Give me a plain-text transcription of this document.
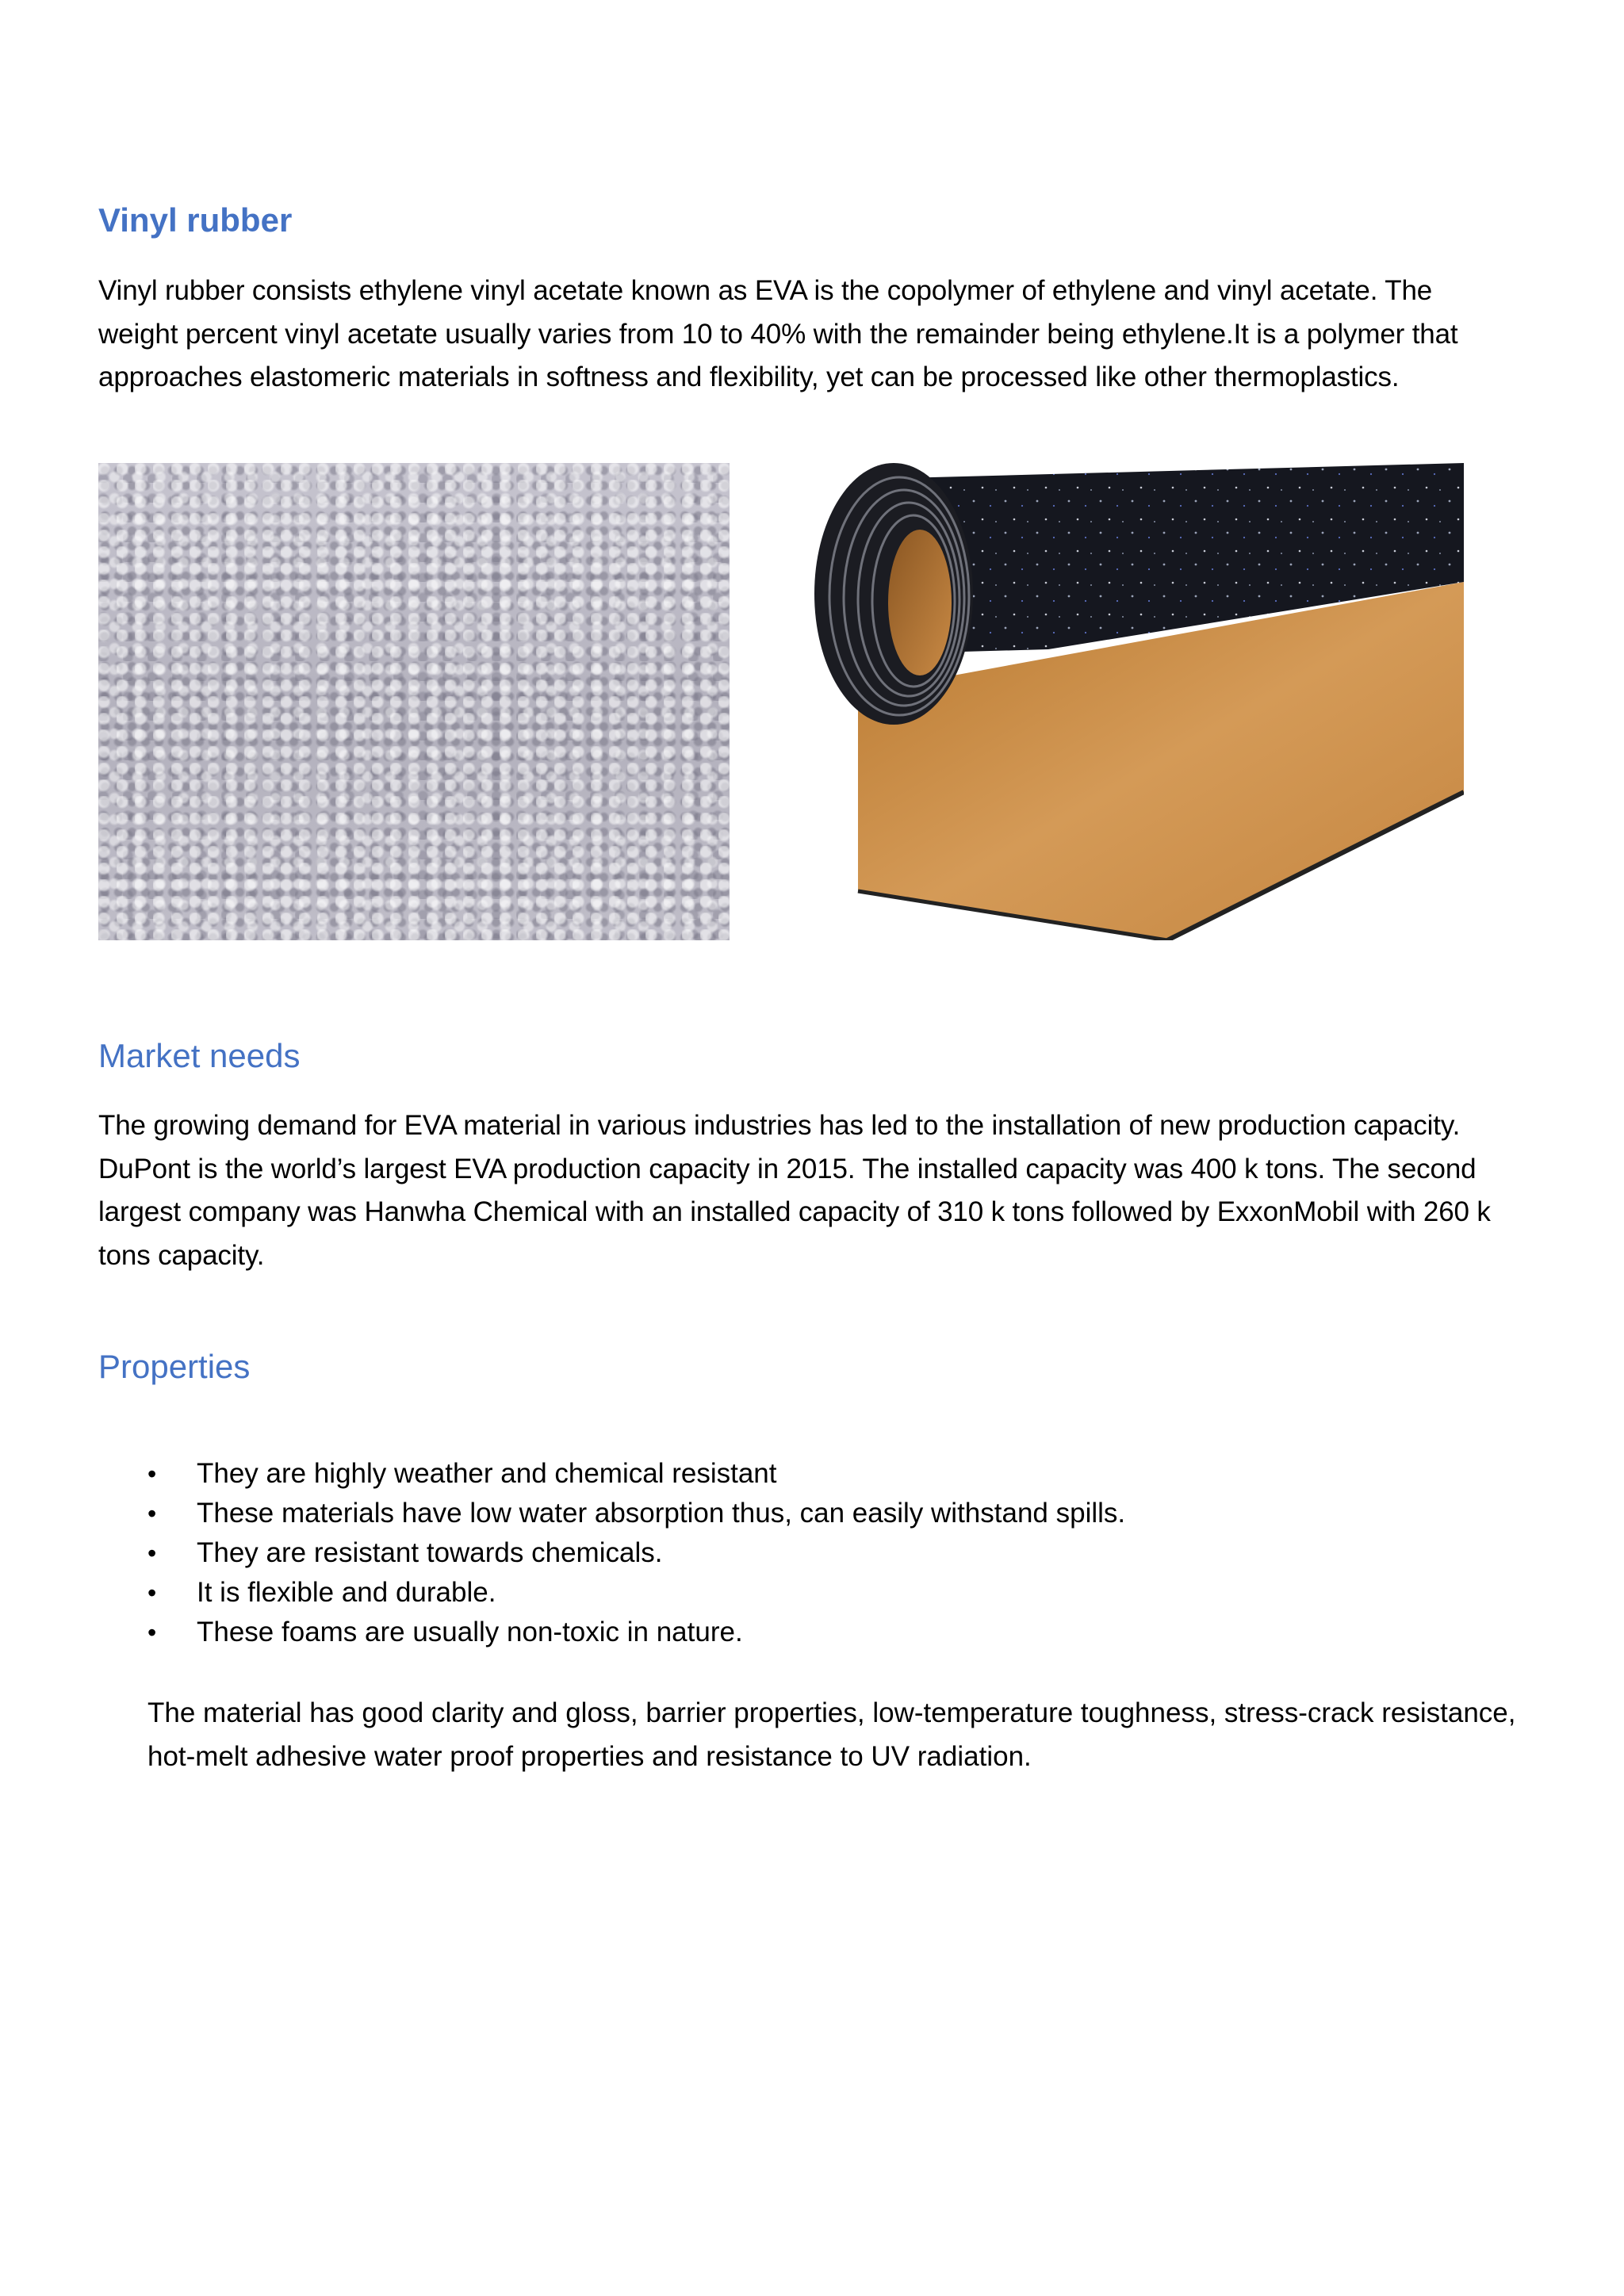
Vinyl rubber

Vinyl rubber consists ethylene vinyl acetate known as EVA is the copolymer of ethylene and vinyl acetate. The weight percent vinyl acetate usually varies from 10 to 40% with the remainder being ethylene.It is a polymer that approaches elastomeric materials in softness and flexibility, yet can be processed like other thermoplastics.

Market needs

The growing demand for EVA material in various industries has led to the installation of new production capacity. DuPont is the world’s largest EVA production capacity in 2015. The installed capacity was 400 k tons. The second largest company was Hanwha Chemical with an installed capacity of 310 k tons followed by ExxonMobil with 260 k tons capacity.

Properties
• They are highly weather and chemical resistant
• These materials have low water absorption thus, can easily withstand spills.
• They are resistant towards chemicals.
• It is flexible and durable.
• These foams are usually non-toxic in nature.

The material has good clarity and gloss, barrier properties, low-temperature toughness, stress-crack resistance, hot-melt adhesive water proof properties and resistance to UV radiation.
